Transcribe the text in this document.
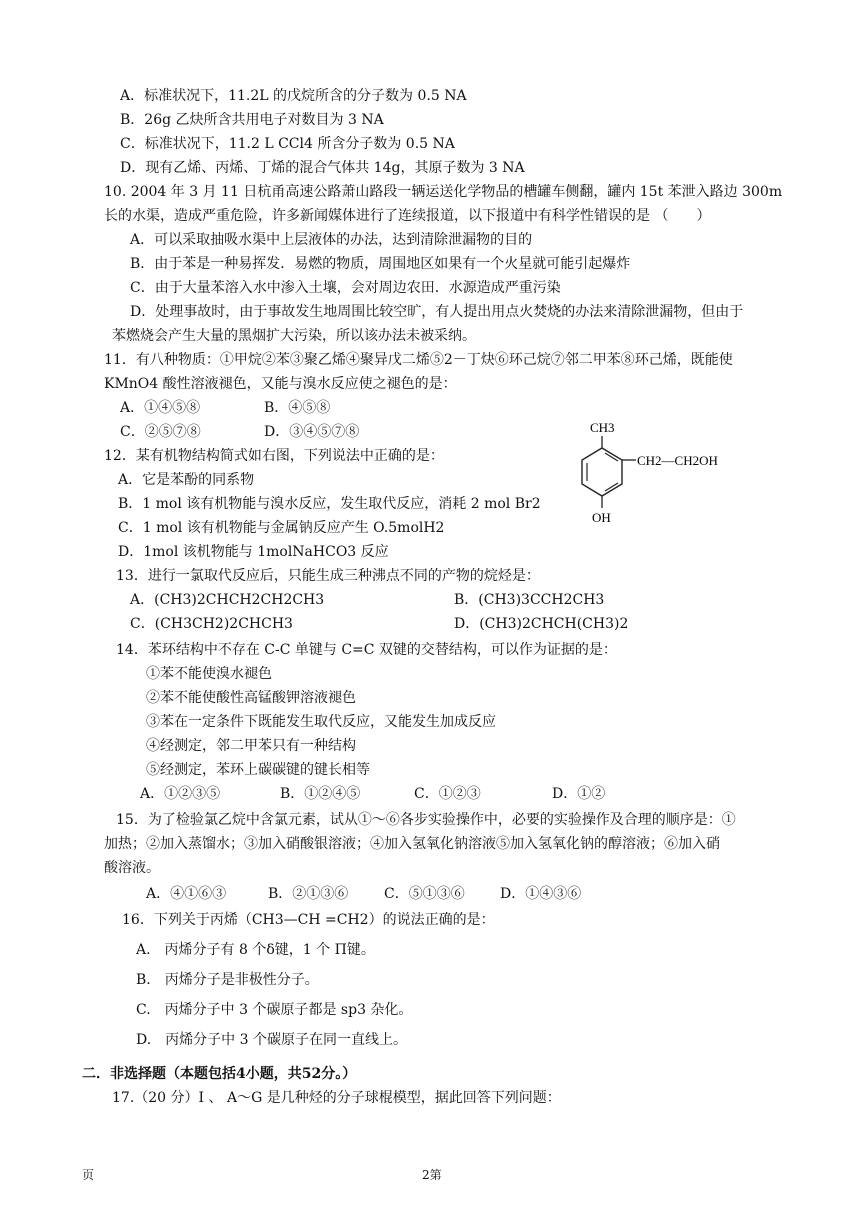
A．标准状况下，11.2L 的戊烷所含的分子数为 0.5 NA
B．26g 乙炔所含共用电子对数目为 3 NA
C．标准状况下，11.2 L CCl4 所含分子数为 0.5 NA
D．现有乙烯、丙烯、丁烯的混合气体共 14g，其原子数为 3 NA
10. 2004 年 3 月 11 日杭甬高速公路萧山路段一辆运送化学物品的槽罐车侧翻，罐内 15t 苯泄入路边 300m
长的水渠，造成严重危险，许多新闻媒体进行了连续报道，以下报道中有科学性错误的是 （　　）
A．可以采取抽吸水渠中上层液体的办法，达到清除泄漏物的目的
B．由于苯是一种易挥发．易燃的物质，周围地区如果有一个火星就可能引起爆炸
C．由于大量苯溶入水中渗入土壤，会对周边农田．水源造成严重污染
D．处理事故时，由于事故发生地周围比较空旷，有人提出用点火焚烧的办法来清除泄漏物，但由于
苯燃烧会产生大量的黑烟扩大污染，所以该办法未被采纳。
11．有八种物质：①甲烷②苯③聚乙烯④聚异戊二烯⑤2－丁炔⑥环己烷⑦邻二甲苯⑧环己烯，既能使
KMnO4 酸性溶液褪色，又能与溴水反应使之褪色的是：
A．①④⑤⑧	B．④⑤⑧
C．②⑤⑦⑧	D．③④⑤⑦⑧
12．某有机物结构简式如右图，下列说法中正确的是：
A．它是苯酚的同系物
B．1 mol 该有机物能与溴水反应，发生取代反应，消耗 2 mol Br2
C．1 mol 该有机物能与金属钠反应产生 O.5molH2
D．1mol 该机物能与 1molNaHCO3 反应
CH3
CH2—CH2OH
OH
13．进行一氯取代反应后，只能生成三种沸点不同的产物的烷烃是：
A．(CH3)2CHCH2CH2CH3	B．(CH3)3CCH2CH3
C．(CH3CH2)2CHCH3	D．(CH3)2CHCH(CH3)2
14．苯环结构中不存在 C-C 单键与 C=C 双键的交替结构，可以作为证据的是：
①苯不能使溴水褪色
②苯不能使酸性高锰酸钾溶液褪色
③苯在一定条件下既能发生取代反应，又能发生加成反应
④经测定，邻二甲苯只有一种结构
⑤经测定，苯环上碳碳键的键长相等
A．①②③⑤	B．①②④⑤	C．①②③	D．①②
15．为了检验氯乙烷中含氯元素，试从①～⑥各步实验操作中，必要的实验操作及合理的顺序是：①
加热；②加入蒸馏水；③加入硝酸银溶液；④加入氢氧化钠溶液⑤加入氢氧化钠的醇溶液；⑥加入硝
酸溶液。
A．④①⑥③	B．②①③⑥	C．⑤①③⑥	D．①④③⑥
16．下列关于丙烯（CH3—CH =CH2）的说法正确的是：
A.　丙烯分子有 8 个δ键，1 个 Π键。
B.　丙烯分子是非极性分子。
C.　丙烯分子中 3 个碳原子都是 sp3 杂化。
D.　丙烯分子中 3 个碳原子在同一直线上。
二．非选择题（本题包括4小题，共52分。）
17.（20 分）Ⅰ 、 A～G 是几种烃的分子球棍模型，据此回答下列问题：
页	2第
